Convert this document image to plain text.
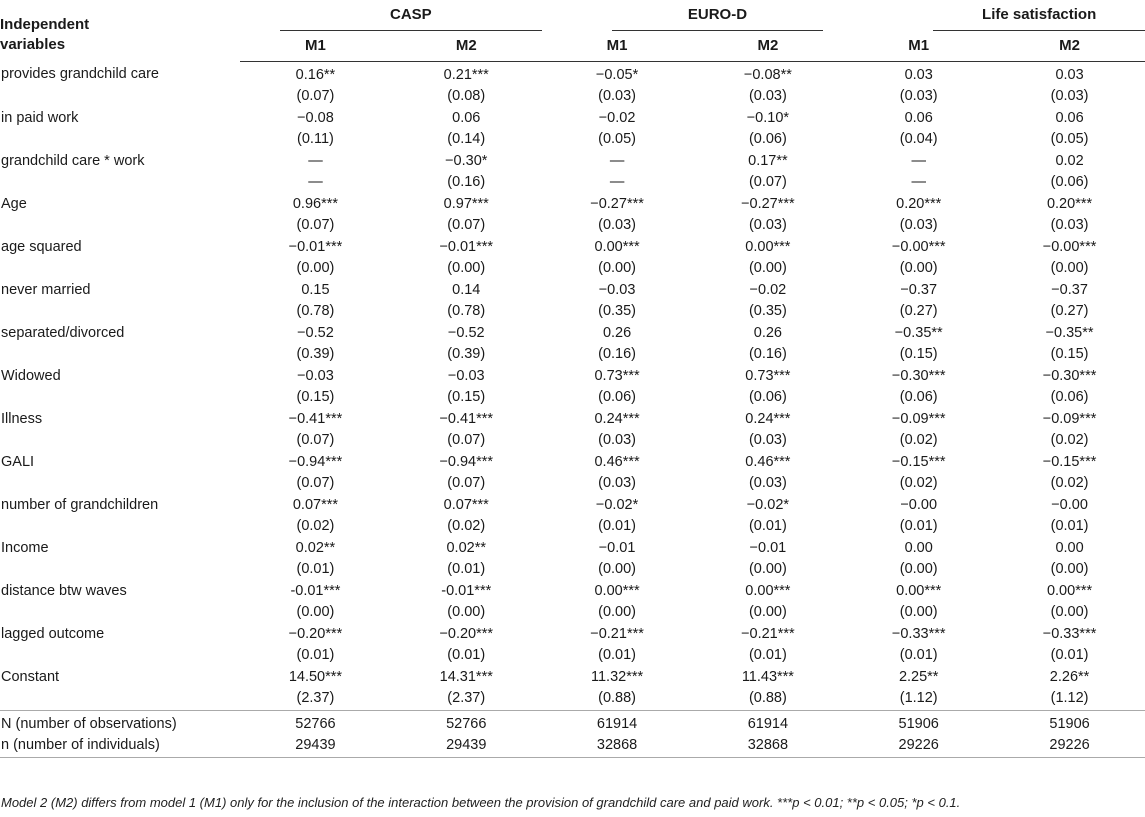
Independent variables	CASP		EURO-D		Life satisfaction	

	M1	M2	M1	M2	M1	M2
provides grandchild care	0.16**	0.21***	−0.05*	−0.08**	0.03	0.03
	(0.07)	(0.08)	(0.03)	(0.03)	(0.03)	(0.03)
in paid work	−0.08	0.06	−0.02	−0.10*	0.06	0.06
	(0.11)	(0.14)	(0.05)	(0.06)	(0.04)	(0.05)
grandchild care * work	—	−0.30*	—	0.17**	—	0.02
	—	(0.16)	—	(0.07)	—	(0.06)
Age	0.96***	0.97***	−0.27***	−0.27***	0.20***	0.20***
	(0.07)	(0.07)	(0.03)	(0.03)	(0.03)	(0.03)
age squared	−0.01***	−0.01***	0.00***	0.00***	−0.00***	−0.00***
	(0.00)	(0.00)	(0.00)	(0.00)	(0.00)	(0.00)
never married	0.15	0.14	−0.03	−0.02	−0.37	−0.37
	(0.78)	(0.78)	(0.35)	(0.35)	(0.27)	(0.27)
separated/divorced	−0.52	−0.52	0.26	0.26	−0.35**	−0.35**
	(0.39)	(0.39)	(0.16)	(0.16)	(0.15)	(0.15)
Widowed	−0.03	−0.03	0.73***	0.73***	−0.30***	−0.30***
	(0.15)	(0.15)	(0.06)	(0.06)	(0.06)	(0.06)
Illness	−0.41***	−0.41***	0.24***	0.24***	−0.09***	−0.09***
	(0.07)	(0.07)	(0.03)	(0.03)	(0.02)	(0.02)
GALI	−0.94***	−0.94***	0.46***	0.46***	−0.15***	−0.15***
	(0.07)	(0.07)	(0.03)	(0.03)	(0.02)	(0.02)
number of grandchildren	0.07***	0.07***	−0.02*	−0.02*	−0.00	−0.00
	(0.02)	(0.02)	(0.01)	(0.01)	(0.01)	(0.01)
Income	0.02**	0.02**	−0.01	−0.01	0.00	0.00
	(0.01)	(0.01)	(0.00)	(0.00)	(0.00)	(0.00)
distance btw waves	-0.01***	-0.01***	0.00***	0.00***	0.00***	0.00***
	(0.00)	(0.00)	(0.00)	(0.00)	(0.00)	(0.00)
lagged outcome	−0.20***	−0.20***	−0.21***	−0.21***	−0.33***	−0.33***
	(0.01)	(0.01)	(0.01)	(0.01)	(0.01)	(0.01)
Constant	14.50***	14.31***	11.32***	11.43***	2.25**	2.26**
	(2.37)	(2.37)	(0.88)	(0.88)	(1.12)	(1.12)
N (number of observations)	52766	52766	61914	61914	51906	51906
n (number of individuals)	29439	29439	32868	32868	29226	29226
Model 2 (M2) differs from model 1 (M1) only for the inclusion of the interaction between the provision of grandchild care and paid work. ***p < 0.01; **p < 0.05; *p < 0.1.
